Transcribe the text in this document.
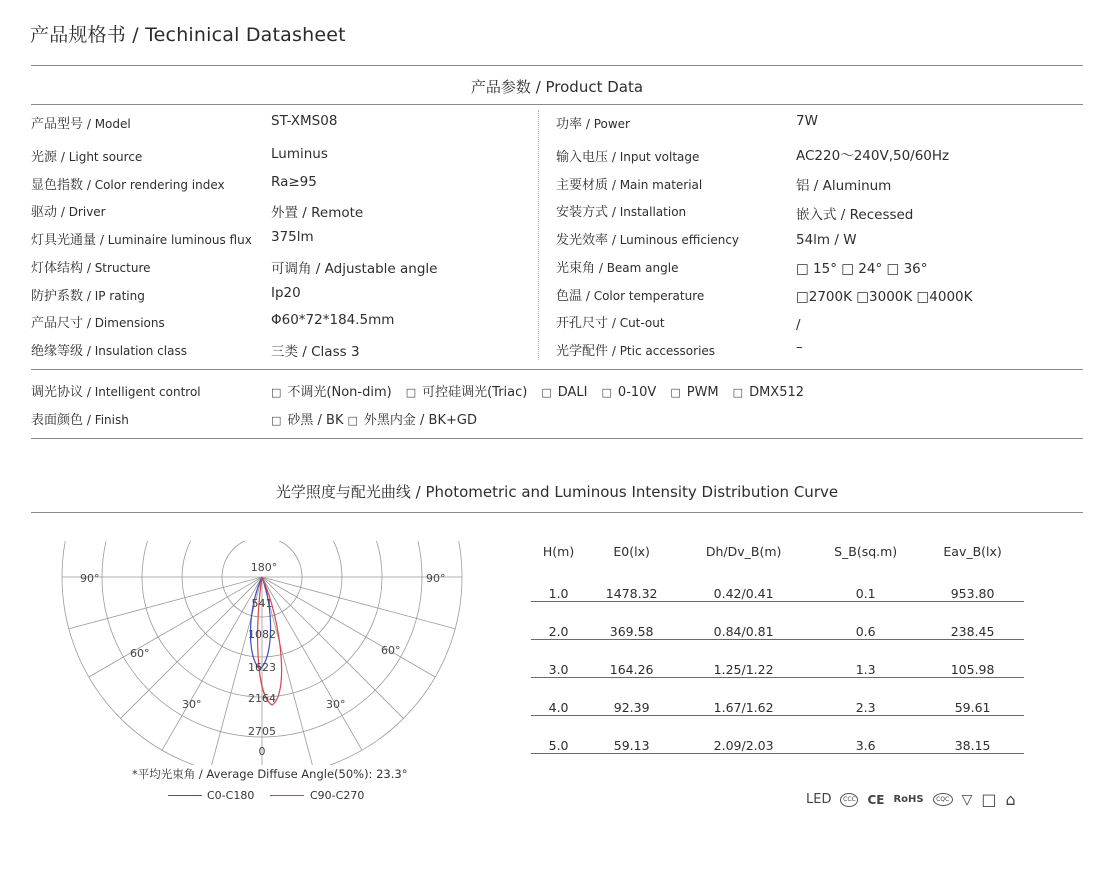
产品规格书 / Techinical Datasheet
产品参数 / Product Data
产品型号 / Model	ST-XMS08
光源 / Light source	Luminus
显色指数 / Color rendering index	Ra≥95
驱动 / Driver	外置 / Remote
灯具光通量 / Luminaire luminous flux 375lm
灯体结构 / Structure	可调角 / Adjustable angle
防护系数 / IP rating	Ip20
产品尺寸 / Dimensions	Φ60*72*184.5mm
绝缘等级 / Insulation class	三类 / Class 3
功率 / Power	7W
输入电压 / Input voltage	AC220～240V,50/60Hz
主要材质 / Main material	铝 / Aluminum
安装方式 / Installation	嵌入式 / Recessed
发光效率 / Luminous efficiency	54lm / W
光束角 / Beam angle	□ 15° □ 24° □ 36°
色温 / Color temperature	□2700K □3000K □4000K
开孔尺寸 / Cut-out	/
光学配件 / Ptic accessories	–
调光协议 / Intelligent control	□ 不调光(Non-dim) □ 可控硅调光(Triac) □ DALI □ 0-10V □ PWM □ DMX512
表面颜色 / Finish	□ 砂黑 / BK □ 外黑内金 / BK+GD
光学照度与配光曲线 / Photometric and Luminous Intensity Distribution Curve
180°
90°	90°
60°	60°
30°	30°
0
541
1082
1623
2164
2705
*平均光束角 / Average Diffuse Angle(50%): 23.3°
C0-C180	C90-C270
H(m)	E0(lx)	Dh/Dv_B(m)	S_B(sq.m)	Eav_B(lx)
1.0	1478.32	0.42/0.41	0.1	953.80
2.0	369.58	0.84/0.81	0.6	238.45
3.0	164.26	1.25/1.22	1.3	105.98
4.0	92.39	1.67/1.62	2.3	59.61
5.0	59.13	2.09/2.03	3.6	38.15
LED	CCC CE RoHS	CQC ▽ □ ⌂
